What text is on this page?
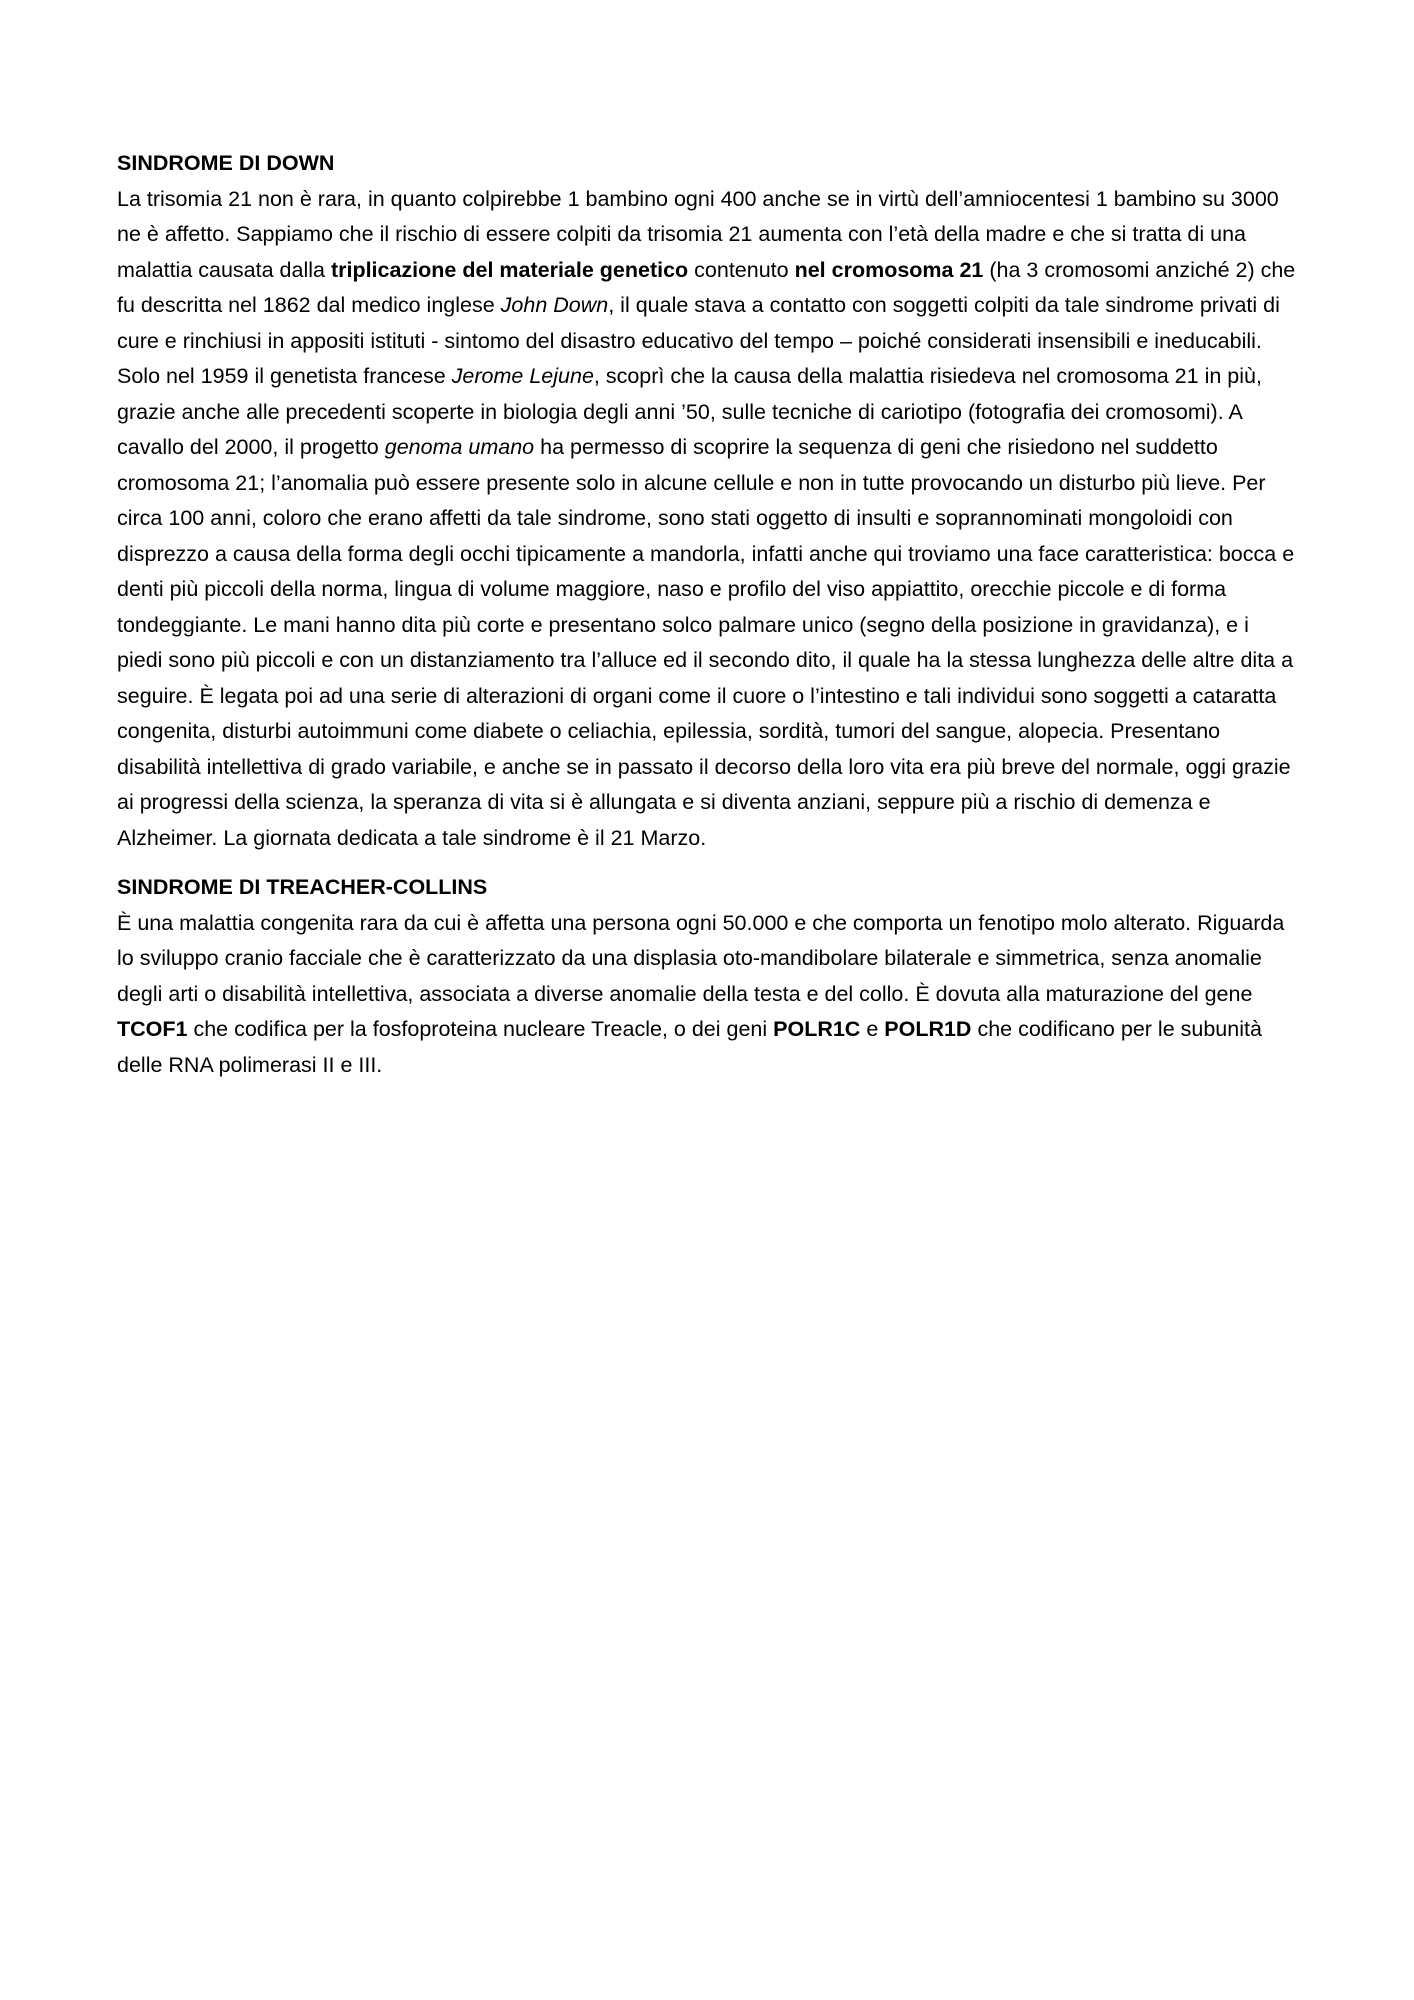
SINDROME DI DOWN

La trisomia 21 non è rara, in quanto colpirebbe 1 bambino ogni 400 anche se in virtù dell’amniocentesi 1 bambino su 3000 ne è affetto. Sappiamo che il rischio di essere colpiti da trisomia 21 aumenta con l’età della madre e che si tratta di una malattia causata dalla triplicazione del materiale genetico contenuto nel cromosoma 21 (ha 3 cromosomi anziché 2) che fu descritta nel 1862 dal medico inglese John Down, il quale stava a contatto con soggetti colpiti da tale sindrome privati di cure e rinchiusi in appositi istituti - sintomo del disastro educativo del tempo – poiché considerati insensibili e ineducabili. Solo nel 1959 il genetista francese Jerome Lejune, scoprì che la causa della malattia risiedeva nel cromosoma 21 in più, grazie anche alle precedenti scoperte in biologia degli anni ’50, sulle tecniche di cariotipo (fotografia dei cromosomi). A cavallo del 2000, il progetto genoma umano ha permesso di scoprire la sequenza di geni che risiedono nel suddetto cromosoma 21; l’anomalia può essere presente solo in alcune cellule e non in tutte provocando un disturbo più lieve. Per circa 100 anni, coloro che erano affetti da tale sindrome, sono stati oggetto di insulti e soprannominati mongoloidi con disprezzo a causa della forma degli occhi tipicamente a mandorla, infatti anche qui troviamo una face caratteristica: bocca e denti più piccoli della norma, lingua di volume maggiore, naso e profilo del viso appiattito, orecchie piccole e di forma tondeggiante. Le mani hanno dita più corte e presentano solco palmare unico (segno della posizione in gravidanza), e i piedi sono più piccoli e con un distanziamento tra l’alluce ed il secondo dito, il quale ha la stessa lunghezza delle altre dita a seguire. È legata poi ad una serie di alterazioni di organi come il cuore o l’intestino e tali individui sono soggetti a cataratta congenita, disturbi autoimmuni come diabete o celiachia, epilessia, sordità, tumori del sangue, alopecia. Presentano disabilità intellettiva di grado variabile, e anche se in passato il decorso della loro vita era più breve del normale, oggi grazie ai progressi della scienza, la speranza di vita si è allungata e si diventa anziani, seppure più a rischio di demenza e Alzheimer. La giornata dedicata a tale sindrome è il 21 Marzo.

SINDROME DI TREACHER-COLLINS

È una malattia congenita rara da cui è affetta una persona ogni 50.000 e che comporta un fenotipo molo alterato. Riguarda lo sviluppo cranio facciale che è caratterizzato da una displasia oto-mandibolare bilaterale e simmetrica, senza anomalie degli arti o disabilità intellettiva, associata a diverse anomalie della testa e del collo. È dovuta alla maturazione del gene TCOF1 che codifica per la fosfoproteina nucleare Treacle, o dei geni POLR1C e POLR1D che codificano per le subunità delle RNA polimerasi II e III.
